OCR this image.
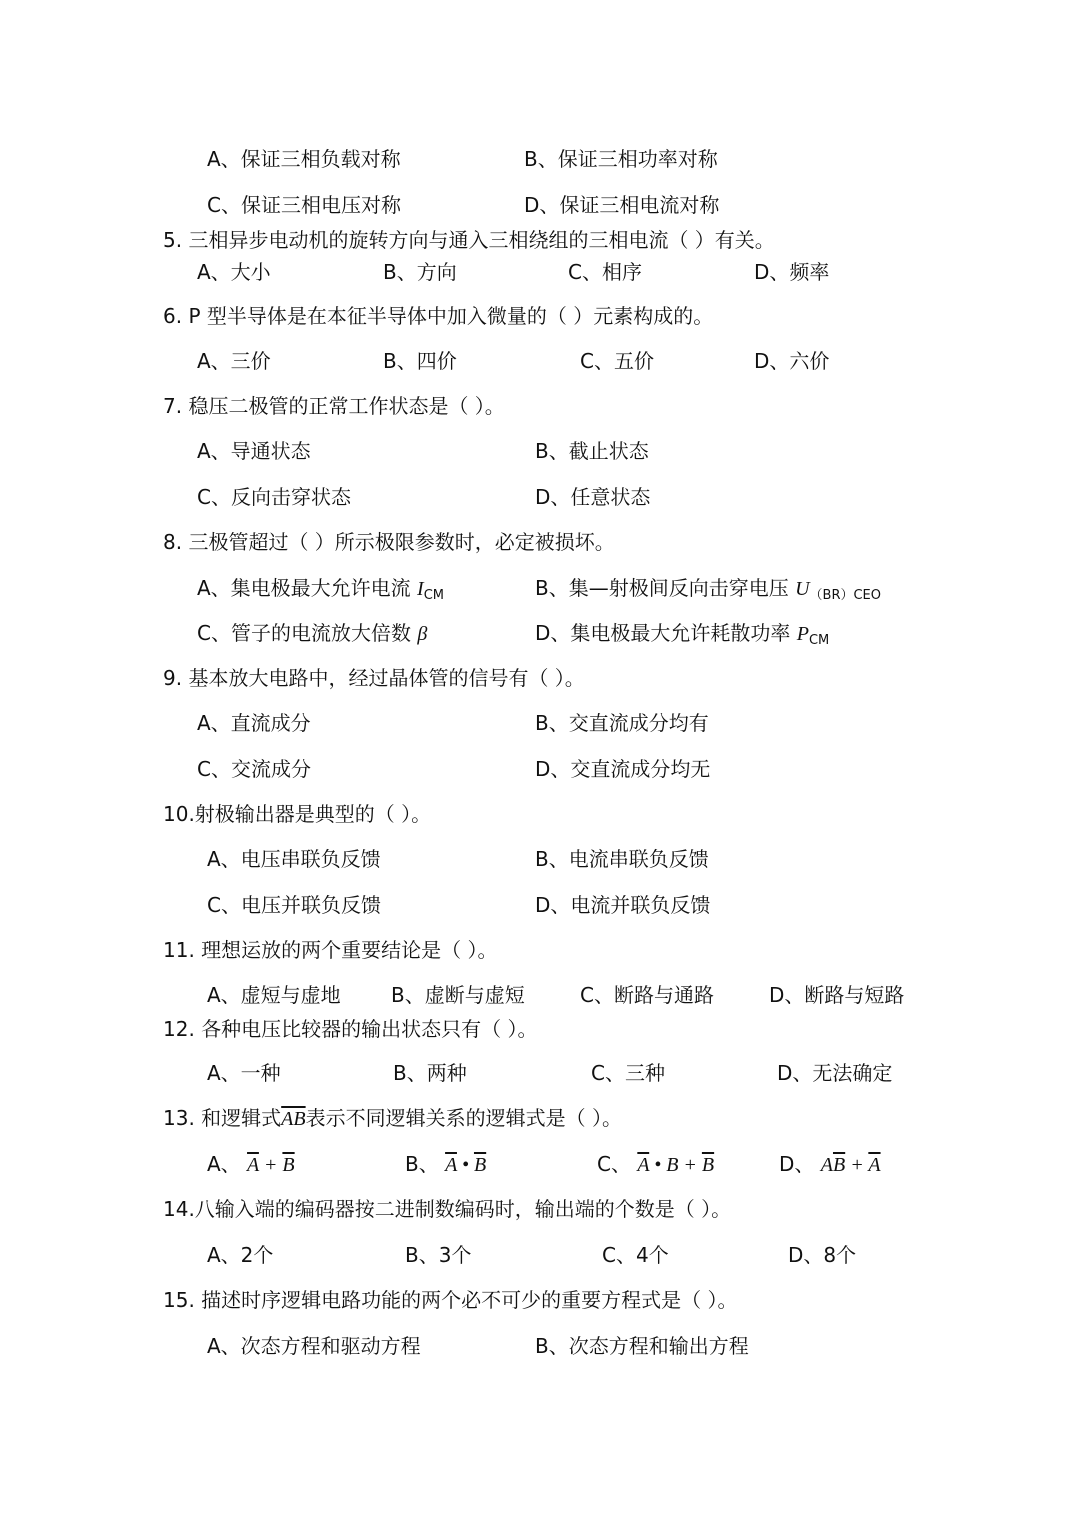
A、保证三相负载对称	B、保证三相功率对称
C、保证三相电压对称	D、保证三相电流对称
5. 三相异步电动机的旋转方向与通入三相绕组的三相电流（ ）有关。
A、大小	B、方向	C、相序	D、频率
6. P 型半导体是在本征半导体中加入微量的（ ）元素构成的。
A、三价	B、四价	C、五价	D、六价
7. 稳压二极管的正常工作状态是（ ）。
A、导通状态	B、截止状态
C、反向击穿状态	D、任意状态
8. 三极管超过（ ）所示极限参数时，必定被损坏。
A、集电极最大允许电流 $I_{CM}$	B、集—射极间反向击穿电压 $U_{(BR)CEO}$
C、管子的电流放大倍数 β	D、集电极最大允许耗散功率 $P_{CM}$
9. 基本放大电路中，经过晶体管的信号有（ ）。
A、直流成分	B、交直流成分均有
C、交流成分	D、交直流成分均无
10.射极输出器是典型的（ ）。
A、电压串联负反馈	B、电流串联负反馈
C、电压并联负反馈	D、电流并联负反馈
11. 理想运放的两个重要结论是（ ）。
A、虚短与虚地	B、虚断与虚短	C、断路与通路	D、断路与短路
12. 各种电压比较器的输出状态只有（ ）。
A、一种	B、两种	C、三种	D、无法确定
13. 和逻辑式$\overline{AB}$表示不同逻辑关系的逻辑式是（ ）。
A、 $\overline{A} + \overline{B}$	B、 $\overline{A}$ • $\overline{B}$	C、 $\overline{A}$ • $B + \overline{B}$	D、 $A\overline{B} + \overline{A}$
14.八输入端的编码器按二进制数编码时，输出端的个数是（ ）。
A、2个	B、3个	C、4个	D、8个
15. 描述时序逻辑电路功能的两个必不可少的重要方程式是（ ）。
A、次态方程和驱动方程	B、次态方程和输出方程
